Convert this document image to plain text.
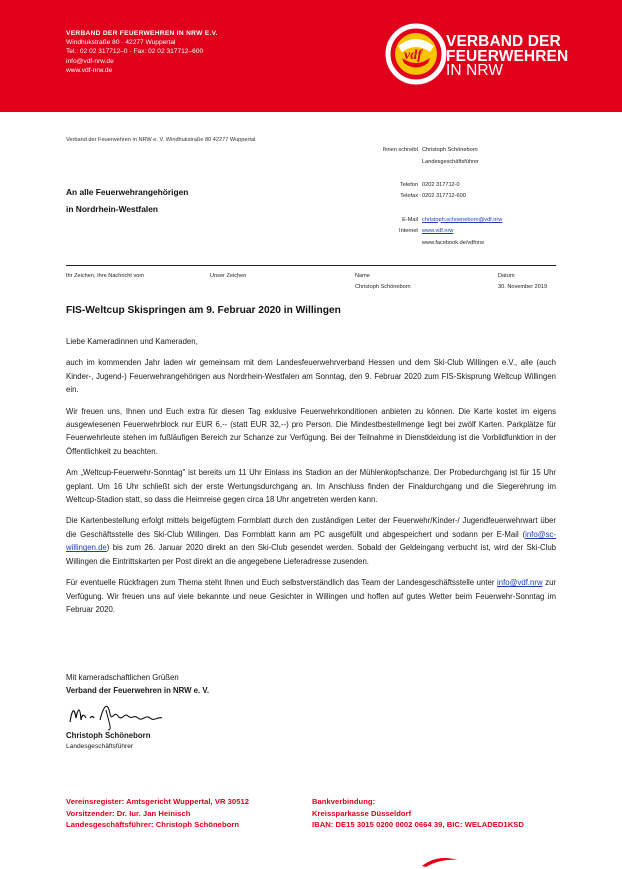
VERBAND DER FEUERWEHREN IN NRW E.V.
Windhukstraße 80 · 42277 Wuppertal
Tel.: 02 02 317712–0 · Fax: 02 02 317712–600
info@vdf-nrw.de
www.vdf-nrw.de
vdf
VERBAND DER
FEUERWEHREN
IN NRW
Verband der Feuerwehren in NRW e. V. Windhukstraße 80 42277 Wuppertal
Ihnen schreibt
Telefon
Telefax
E-Mail
Internet
Christoph Schöneborn
Landesgeschäftsführer
0202 317712-0
0202 317712-600
christoph.schoeneborn@vdf.nrw
www.vdf.nrw
www.facebook.de/vdfnrw
An alle Feuerwehrangehörigen
in Nordrhein-Westfalen
Ihr Zeichen, Ihre Nachricht vom	Unser Zeichen	Name
Christoph Schöneborn
Datum
30. November 2019
FIS-Weltcup Skispringen am 9. Februar 2020 in Willingen

Liebe Kameradinnen und Kameraden,

auch im kommenden Jahr laden wir gemeinsam mit dem Landesfeuerwehrverband Hessen und dem Ski-Club Willingen e.V., alle (auch Kinder-, Jugend-) Feuerwehrangehörigen aus Nordrhein-Westfalen am Sonntag, den 9. Februar 2020 zum FIS-Skisprung Weltcup Willingen ein.

Wir freuen uns, Ihnen und Euch extra für diesen Tag exklusive Feuerwehrkonditionen anbieten zu können. Die Karte kostet im eigens ausgewiesenen Feuerwehrblock nur EUR 6,-- (statt EUR 32,--) pro Person. Die Mindestbestellmenge liegt bei zwölf Karten. Parkplätze für Feuerwehrleute stehen im fußläufigen Bereich zur Schanze zur Verfügung. Bei der Teilnahme in Dienstkleidung ist die Vorbildfunktion in der Öffentlichkeit zu beachten.

Am „Weltcup-Feuerwehr-Sonntag" ist bereits um 11 Uhr Einlass ins Stadion an der Mühlenkopfschanze. Der Probedurchgang ist für 15 Uhr geplant. Um 16 Uhr schließt sich der erste Wertungsdurchgang an. Im Anschluss finden der Finaldurchgang und die Siegerehrung im Weltcup-Stadion statt, so dass die Heimreise gegen circa 18 Uhr angetreten werden kann.

Die Kartenbestellung erfolgt mittels beigefügtem Formblatt durch den zuständigen Leiter der Feuerwehr/Kinder-/ Jugendfeuerwehrwart über die Geschäftsstelle des Ski-Club Willingen. Das Formblatt kann am PC ausgefüllt und abgespeichert und sodann per E-Mail (info@sc-willingen.de) bis zum 26. Januar 2020 direkt an den Ski-Club gesendet werden. Sobald der Geldeingang verbucht ist, wird der Ski-Club Willingen die Eintrittskarten per Post direkt an die angegebene Lieferadresse zusenden.

Für eventuelle Rückfragen zum Thema steht Ihnen und Euch selbstverständlich das Team der Landesgeschäftsstelle unter info@vdf.nrw zur Verfügung. Wir freuen uns auf viele bekannte und neue Gesichter in Willingen und hoffen auf gutes Wetter beim Feuerwehr-Sonntag im Februar 2020.

Mit kameradschaftlichen Grüßen
Verband der Feuerwehren in NRW e. V.
Christoph Schöneborn
Landesgeschäftsführer
Vereinsregister: Amtsgericht Wuppertal, VR 30512
Vorsitzender: Dr. Iur. Jan Heinisch
Landesgeschäftsführer: Christoph Schöneborn
Bankverbindung:
Kreissparkasse Düsseldorf
IBAN: DE15 3015 0200 0002 0664 39, BIC: WELADED1KSD
